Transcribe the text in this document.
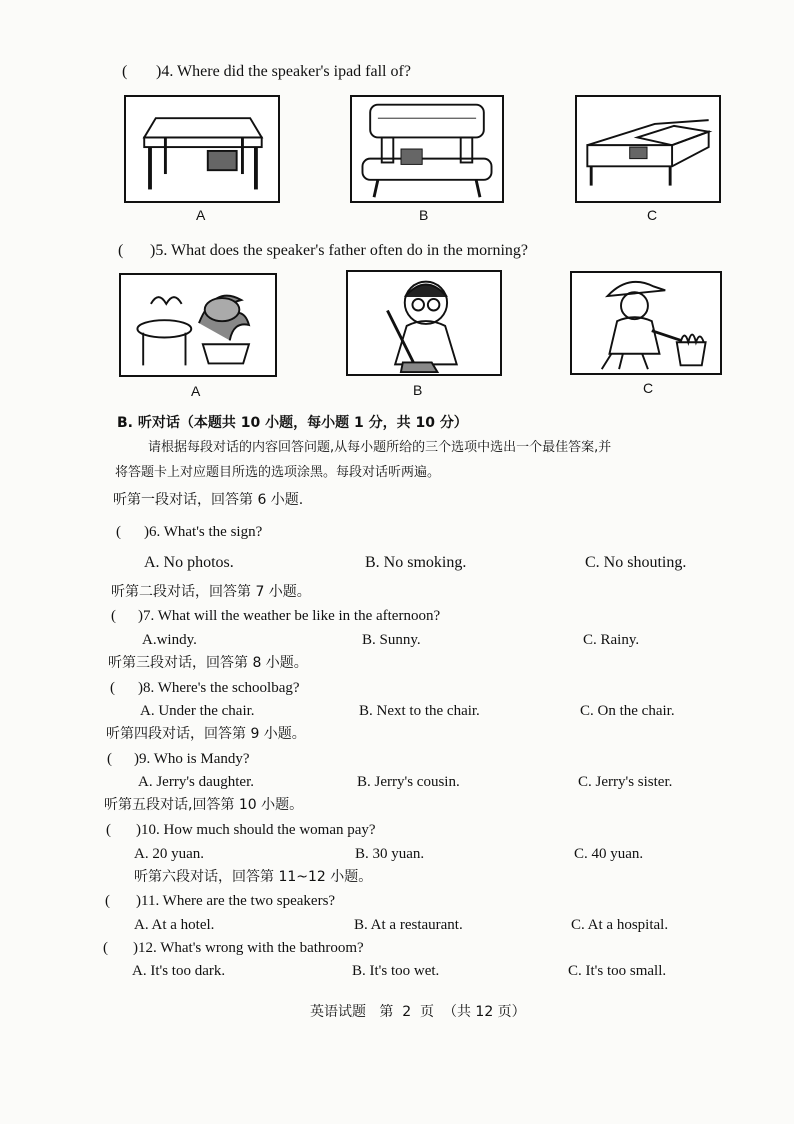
( )4. Where did the speaker's ipad fall of?
A	B	C
( )5. What does the speaker's father often do in the morning?
A	B	C
B. 听对话（本题共 10 小题，每小题 1 分，共 10 分）
请根据每段对话的内容回答问题,从每小题所给的三个选项中选出一个最佳答案,并
将答题卡上对应题目所选的选项涂黑。每段对话听两遍。
听第一段对话，回答第 6 小题.
( )6. What's the sign?
A. No photos.	B. No smoking.	C. No shouting.
听第二段对话，回答第 7 小题。
( )7. What will the weather be like in the afternoon?
A.windy.	B. Sunny.	C. Rainy.
听第三段对话，回答第 8 小题。
( )8. Where's the schoolbag?
A. Under the chair.	B. Next to the chair.	C. On the chair.
听第四段对话，回答第 9 小题。
( )9. Who is Mandy?
A. Jerry's daughter.	B. Jerry's cousin.	C. Jerry's sister.
听第五段对话,回答第 10 小题。
( )10. How much should the woman pay?
A. 20 yuan.	B. 30 yuan.	C. 40 yuan.
听第六段对话，回答第 11~12 小题。
( )11. Where are the two speakers?
A. At a hotel.	B. At a restaurant.	C. At a hospital.
( )12. What's wrong with the bathroom?
A. It's too dark.	B. It's too wet.	C. It's too small.
英语试题   第  2  页  （共 12 页）
